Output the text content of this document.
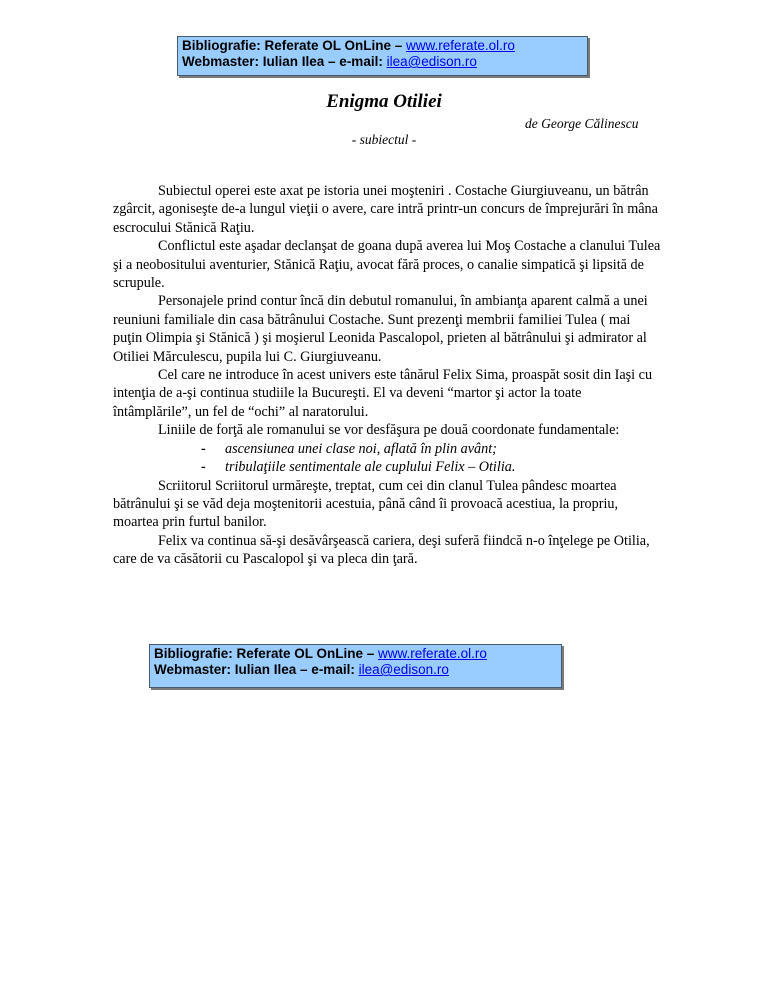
Bibliografie: Referate OL OnLine – www.referate.ol.ro
Webmaster: Iulian Ilea – e-mail: ilea@edison.ro
Enigma Otiliei
de George Călinescu
- subiectul -

Subiectul operei este axat pe istoria unei moşteniri . Costache Giurgiuveanu, un bătrân zgârcit, agoniseşte de-a lungul vieţii o avere, care intră printr-un concurs de împrejurări în mâna escrocului Stănică Raţiu.

Conflictul este aşadar declanşat de goana după averea lui Moş Costache a clanului Tulea şi a neobositului aventurier, Stănică Raţiu, avocat fără proces, o canalie simpatică şi lipsită de scrupule.

Personajele prind contur încă din debutul romanului, în ambianţa aparent calmă a unei reuniuni familiale din casa bătrânului Costache. Sunt prezenţi membrii familiei Tulea ( mai puţin Olimpia şi Stănică ) şi moşierul Leonida Pascalopol, prieten al bătrânului şi admirator al Otiliei Mărculescu, pupila lui C. Giurgiuveanu.

Cel care ne introduce în acest univers este tânărul Felix Sima, proaspăt sosit din Iaşi cu intenţia de a-şi continua studiile la Bucureşti. El va deveni “martor şi actor la toate întâmplările”, un fel de “ochi” al naratorului.

Liniile de forţă ale romanului se vor desfăşura pe două coordonate fundamentale:

- ascensiunea unei clase noi, aflată în plin avânt;
- tribulaţiile sentimentale ale cuplului Felix – Otilia.

Scriitorul Scriitorul urmăreşte, treptat, cum cei din clanul Tulea pândesc moartea bătrânului şi se văd deja moştenitorii acestuia, până când îi provoacă acestiua, la propriu, moartea prin furtul banilor.

Felix va continua să-şi desăvârşească cariera, deşi suferă fiindcă n-o înţelege pe Otilia, care de va căsătorii cu Pascalopol şi va pleca din ţară.

Bibliografie: Referate OL OnLine – www.referate.ol.ro
Webmaster: Iulian Ilea – e-mail: ilea@edison.ro
